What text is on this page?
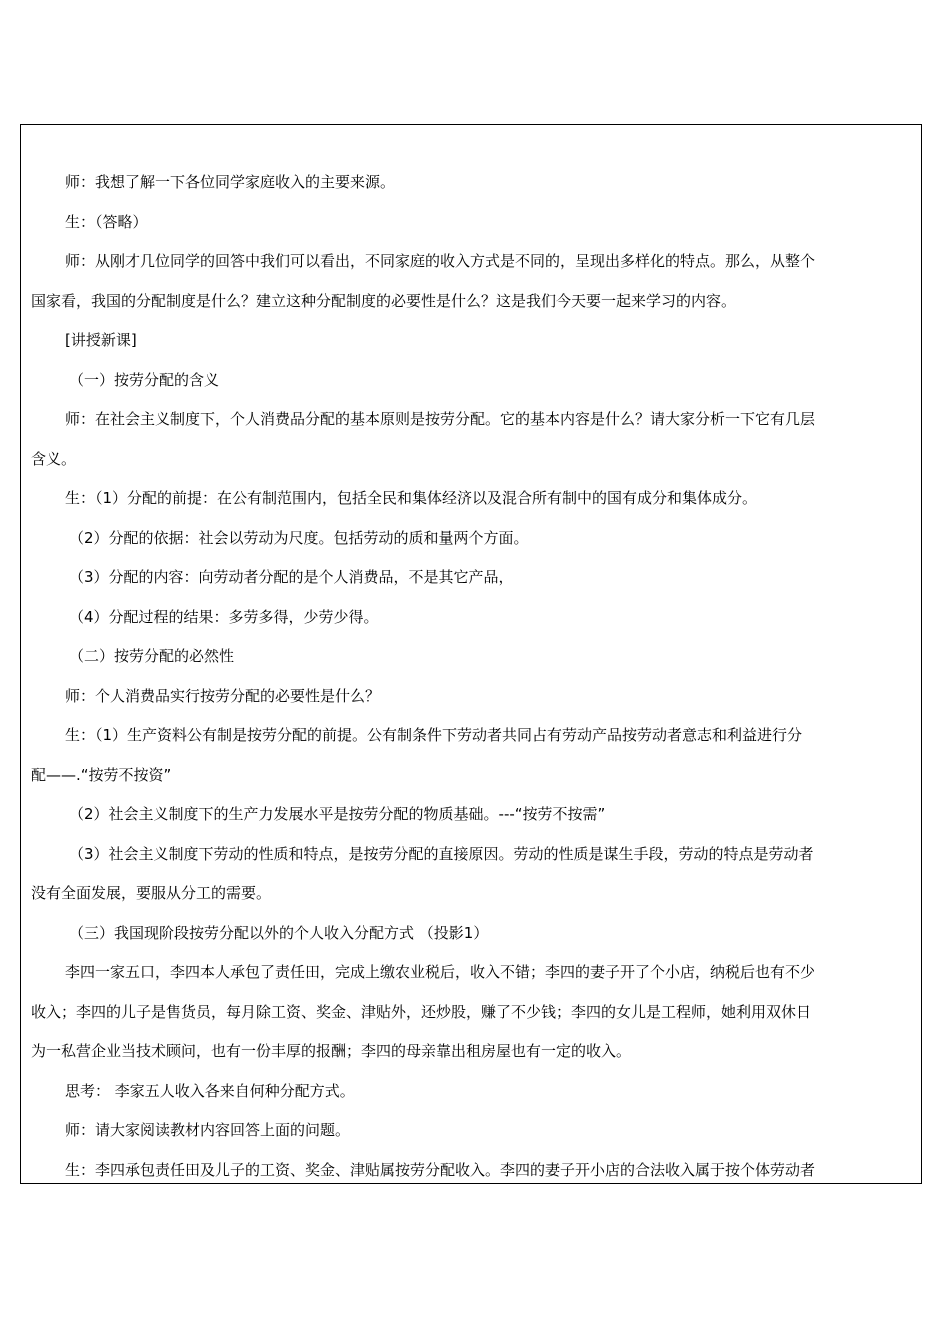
师：我想了解一下各位同学家庭收入的主要来源。
生：（答略）
师：从刚才几位同学的回答中我们可以看出，不同家庭的收入方式是不同的，呈现出多样化的特点。那么，从整个
国家看，我国的分配制度是什么？建立这种分配制度的必要性是什么？这是我们今天要一起来学习的内容。
[讲授新课]
（一）按劳分配的含义
师：在社会主义制度下，个人消费品分配的基本原则是按劳分配。它的基本内容是什么？请大家分析一下它有几层
含义。
生：（1）分配的前提：在公有制范围内，包括全民和集体经济以及混合所有制中的国有成分和集体成分。
（2）分配的依据：社会以劳动为尺度。包括劳动的质和量两个方面。
（3）分配的内容：向劳动者分配的是个人消费品，不是其它产品，
（4）分配过程的结果：多劳多得，少劳少得。
（二）按劳分配的必然性
师：个人消费品实行按劳分配的必要性是什么？
生：（1）生产资料公有制是按劳分配的前提。公有制条件下劳动者共同占有劳动产品按劳动者意志和利益进行分
配——.“按劳不按资”
（2）社会主义制度下的生产力发展水平是按劳分配的物质基础。---“按劳不按需”
（3）社会主义制度下劳动的性质和特点，是按劳分配的直接原因。劳动的性质是谋生手段，劳动的特点是劳动者
没有全面发展，要服从分工的需要。
（三）我国现阶段按劳分配以外的个人收入分配方式 （投影1）
李四一家五口，李四本人承包了责任田，完成上缴农业税后，收入不错；李四的妻子开了个小店，纳税后也有不少
收入；李四的儿子是售货员，每月除工资、奖金、津贴外，还炒股，赚了不少钱；李四的女儿是工程师，她利用双休日
为一私营企业当技术顾问，也有一份丰厚的报酬；李四的母亲靠出租房屋也有一定的收入。
思考： 李家五人收入各来自何种分配方式。
师：请大家阅读教材内容回答上面的问题。
生：李四承包责任田及儿子的工资、奖金、津贴属按劳分配收入。李四的妻子开小店的合法收入属于按个体劳动者
